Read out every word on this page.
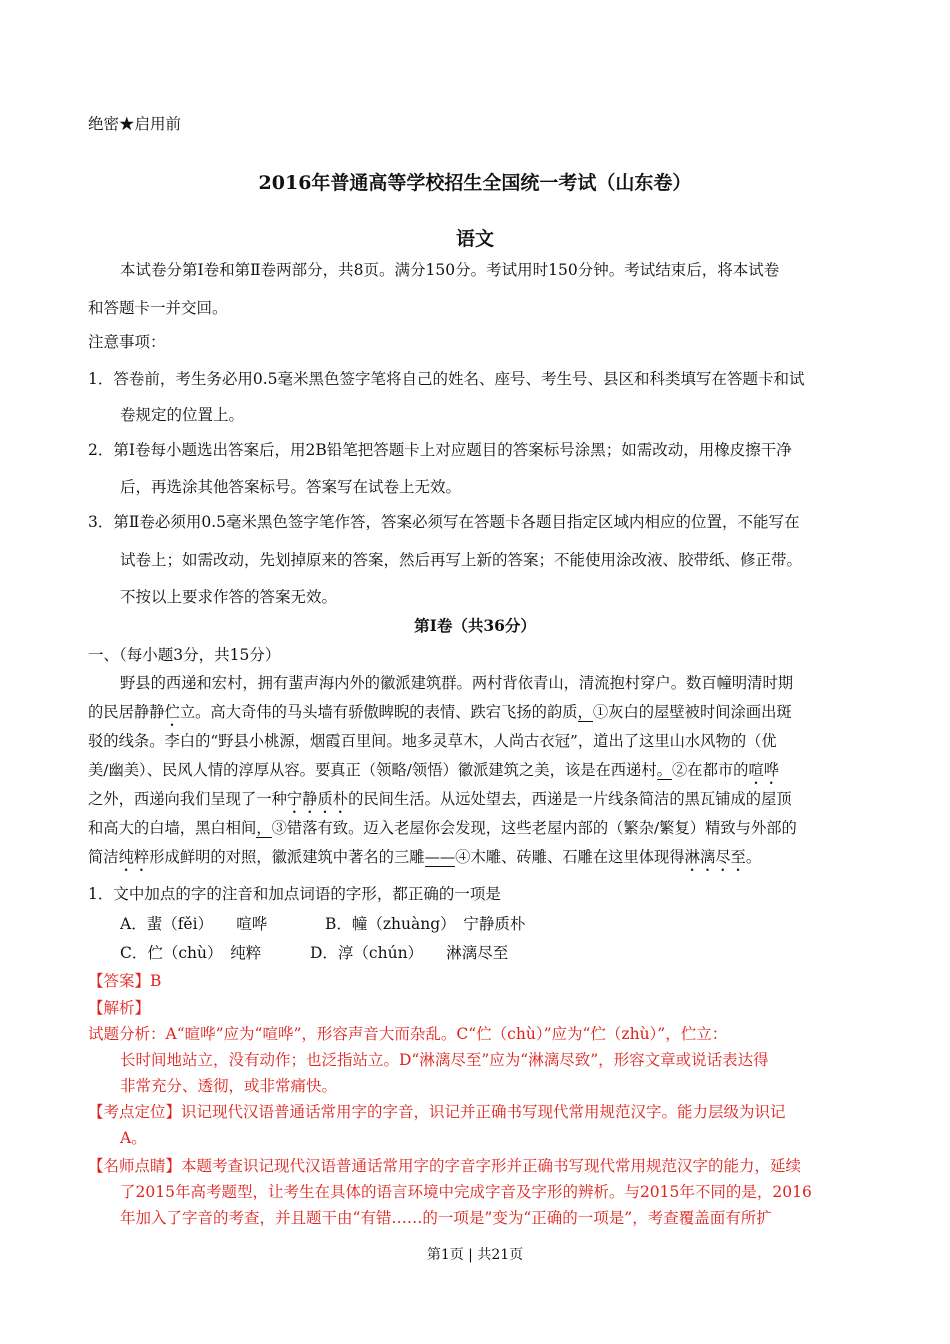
绝密★启用前
2016年普通高等学校招生全国统一考试（山东卷）
语文
本试卷分第Ⅰ卷和第Ⅱ卷两部分，共8页。满分150分。考试用时150分钟。考试结束后，将本试卷
和答题卡一并交回。
注意事项：
1．答卷前，考生务必用0.5毫米黑色签字笔将自己的姓名、座号、考生号、县区和科类填写在答题卡和试
卷规定的位置上。
2．第Ⅰ卷每小题选出答案后，用2B铅笔把答题卡上对应题目的答案标号涂黑；如需改动，用橡皮擦干净
后，再选涂其他答案标号。答案写在试卷上无效。
3．第Ⅱ卷必须用0.5毫米黑色签字笔作答，答案必须写在答题卡各题目指定区域内相应的位置，不能写在
试卷上；如需改动，先划掉原来的答案，然后再写上新的答案；不能使用涂改液、胶带纸、修正带。
不按以上要求作答的答案无效。
第Ⅰ卷（共36分）
一、（每小题3分，共15分）
野县的西递和宏村，拥有蜚声海内外的徽派建筑群。两村背依青山，清流抱村穿户。数百幢明清时期
的民居静静伫立。高大奇伟的马头墙有骄傲睥睨的表情、跌宕飞扬的韵质，①灰白的屋壁被时间涂画出斑
驳的线条。李白的“野县小桃源，烟霞百里间。地多灵草木，人尚古衣冠”，道出了这里山水风物的（优
美/幽美）、民风人情的淳厚从容。要真正（领略/领悟）徽派建筑之美，该是在西递村。②在都市的喧哗
之外，西递向我们呈现了一种宁静质朴的民间生活。从远处望去，西递是一片线条简洁的黑瓦铺成的屋顶
和高大的白墙，黑白相间，③错落有致。迈入老屋你会发现，这些老屋内部的（繁杂/繁复）精致与外部的
简洁纯粹形成鲜明的对照，徽派建筑中著名的三雕——④木雕、砖雕、石雕在这里体现得淋漓尽至。
1．文中加点的字的注音和加点词语的字形，都正确的一项是
A．蜚（fěi）　　喧哗	B．幢（zhuàng）　宁静质朴
C．伫（chù）　纯粹	D．淳（chún）　　淋漓尽至
【答案】B
【解析】
试题分析：A“暄哗”应为“喧哗”，形容声音大而杂乱。C“伫（chù）”应为“伫（zhù）”，伫立：
长时间地站立，没有动作；也泛指站立。D“淋漓尽至”应为“淋漓尽致”，形容文章或说话表达得
非常充分、透彻，或非常痛快。
【考点定位】识记现代汉语普通话常用字的字音，识记并正确书写现代常用规范汉字。能力层级为识记
A。
【名师点睛】本题考查识记现代汉语普通话常用字的字音字形并正确书写现代常用规范汉字的能力，延续
了2015年高考题型，让考生在具体的语言环境中完成字音及字形的辨析。与2015年不同的是，2016
年加入了字音的考查，并且题干由“有错……的一项是”变为“正确的一项是”，考查覆盖面有所扩
第1页 | 共21页
